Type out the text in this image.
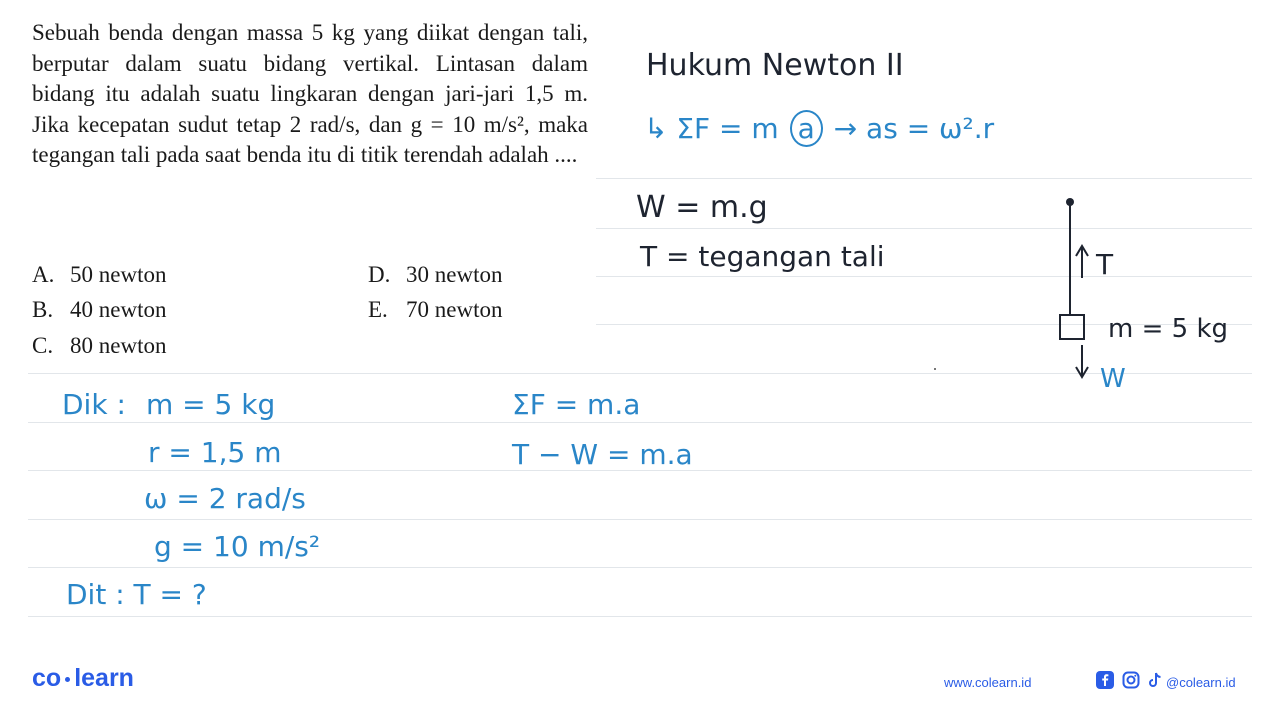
Sebuah benda dengan massa 5 kg yang diikat dengan tali, berputar dalam suatu bidang vertikal. Lintasan dalam bidang itu adalah suatu lingkaran dengan jari-jari 1,5 m. Jika kecepatan sudut tetap 2 rad/s, dan g = 10 m/s², maka tegangan tali pada saat benda itu di titik terendah adalah ....
A. 50 newton
B. 40 newton
C. 80 newton
D. 30 newton
E. 70 newton
Hukum Newton II
↳ ΣF = m a → as = ω².r
W = m.g
T = tegangan tali	T
m = 5 kg
W
Dik : m = 5 kg
r = 1,5 m
ω = 2 rad/s
g = 10 m/s²
Dit : T = ?
ΣF = m.a
T − W = m.a
co learn	www.colearn.id	@colearn.id
